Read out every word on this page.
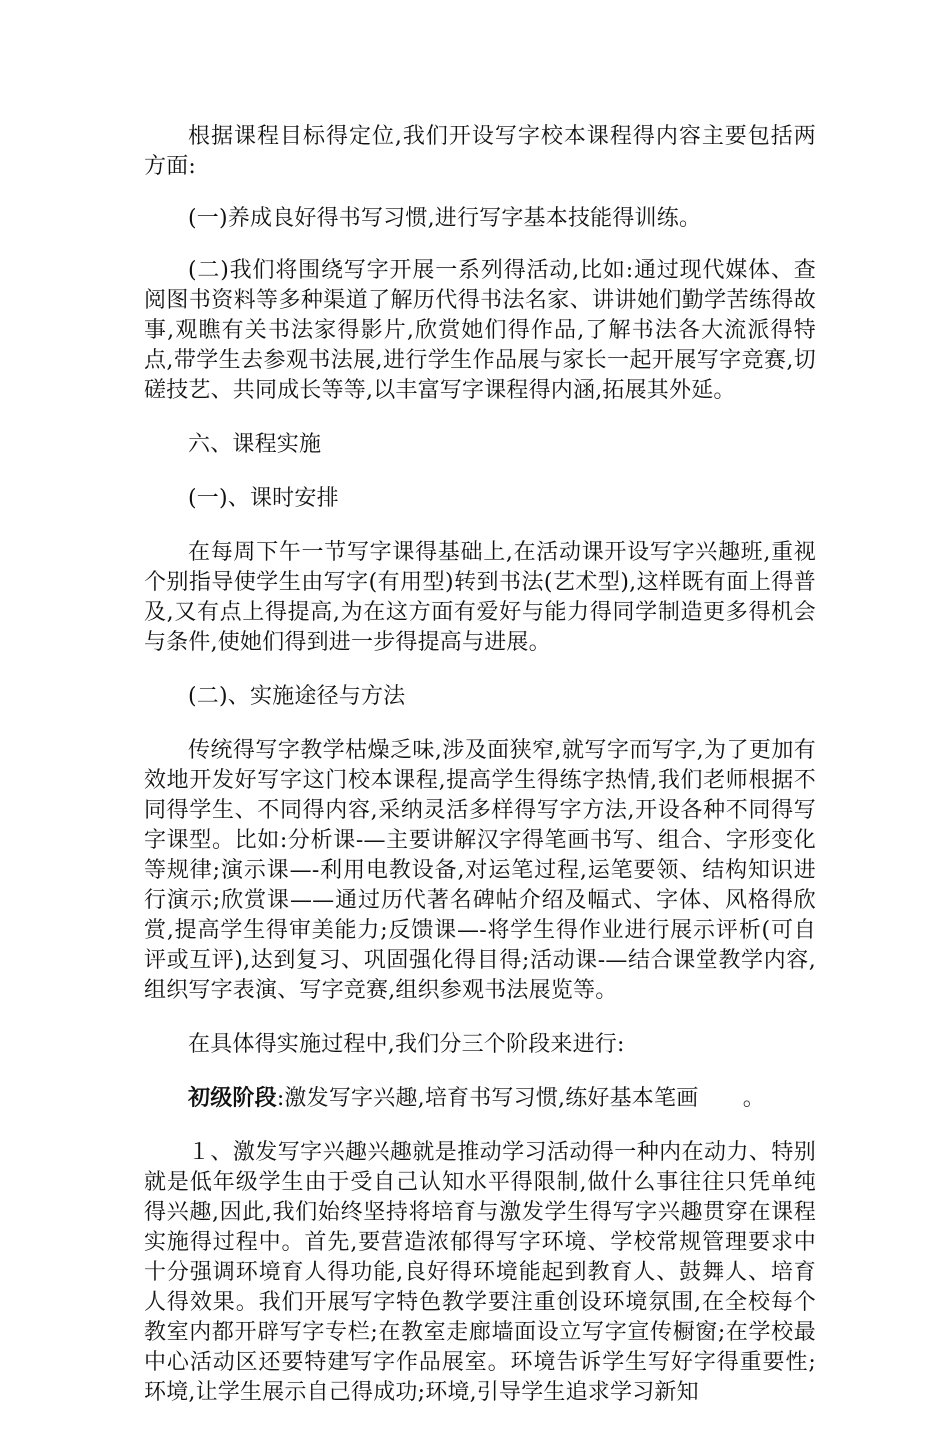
根据课程目标得定位,我们开设写字校本课程得内容主要包括两方面:

(一)养成良好得书写习惯,进行写字基本技能得训练。

(二)我们将围绕写字开展一系列得活动,比如:通过现代媒体、查阅图书资料等多种渠道了解历代得书法名家、讲讲她们勤学苦练得故事,观瞧有关书法家得影片,欣赏她们得作品,了解书法各大流派得特点,带学生去参观书法展,进行学生作品展与家长一起开展写字竞赛,切磋技艺、共同成长等等,以丰富写字课程得内涵,拓展其外延。

六、课程实施

(一)、课时安排

在每周下午一节写字课得基础上,在活动课开设写字兴趣班,重视个别指导使学生由写字(有用型)转到书法(艺术型),这样既有面上得普及,又有点上得提高,为在这方面有爱好与能力得同学制造更多得机会与条件,使她们得到进一步得提高与进展。

(二)、实施途径与方法

传统得写字教学枯燥乏味,涉及面狭窄,就写字而写字,为了更加有效地开发好写字这门校本课程,提高学生得练字热情,我们老师根据不同得学生、不同得内容,采纳灵活多样得写字方法,开设各种不同得写字课型。比如:分析课-—主要讲解汉字得笔画书写、组合、字形变化等规律;演示课—-利用电教设备,对运笔过程,运笔要领、结构知识进行演示;欣赏课——通过历代著名碑帖介绍及幅式、字体、风格得欣赏,提高学生得审美能力;反馈课—-将学生得作业进行展示评析(可自评或互评),达到复习、巩固强化得目得;活动课-—结合课堂教学内容,组织写字表演、写字竞赛,组织参观书法展览等。

在具体得实施过程中,我们分三个阶段来进行:

初级阶段:激发写字兴趣,培育书写习惯,练好基本笔画　　。

１、激发写字兴趣兴趣就是推动学习活动得一种内在动力、特别就是低年级学生由于受自己认知水平得限制,做什么事往往只凭单纯得兴趣,因此,我们始终坚持将培育与激发学生得写字兴趣贯穿在课程实施得过程中。首先,要营造浓郁得写字环境、学校常规管理要求中十分强调环境育人得功能,良好得环境能起到教育人、鼓舞人、培育人得效果。我们开展写字特色教学要注重创设环境氛围,在全校每个教室内都开辟写字专栏;在教室走廊墙面设立写字宣传橱窗;在学校最中心活动区还要特建写字作品展室。环境告诉学生写好字得重要性;环境,让学生展示自己得成功;环境,引导学生追求学习新知
